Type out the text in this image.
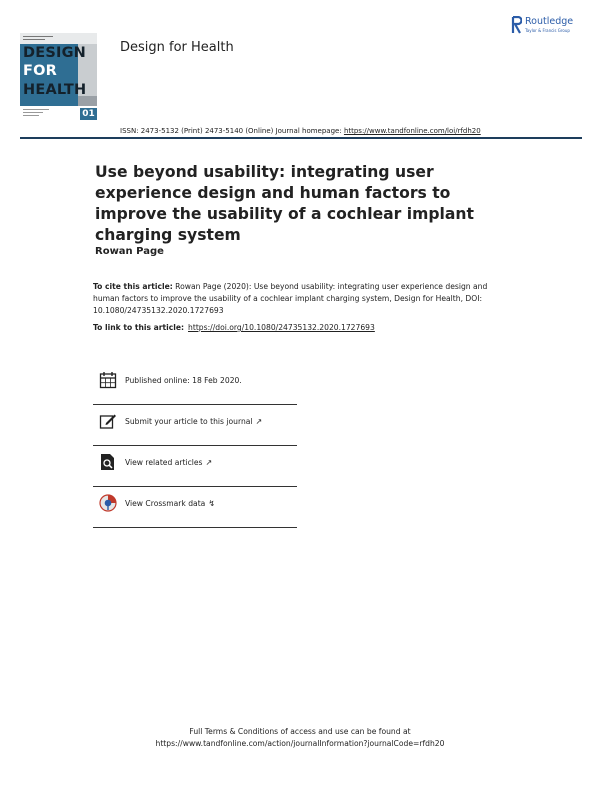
DESIGN
FOR
HEALTH
01
Design for Health
Routledge
Taylor & Francis Group
ISSN: 2473-5132 (Print) 2473-5140 (Online) Journal homepage: https://www.tandfonline.com/loi/rfdh20
Use beyond usability: integrating user experience design and human factors to improve the usability of a cochlear implant charging system
Rowan Page
To cite this article: Rowan Page (2020): Use beyond usability: integrating user experience design and human factors to improve the usability of a cochlear implant charging system, Design for Health, DOI: 10.1080/24735132.2020.1727693
To link to this article: https://doi.org/10.1080/24735132.2020.1727693
Published online: 18 Feb 2020.
Submit your article to this journal ↗
View related articles ↗
View Crossmark data ↯
Full Terms & Conditions of access and use can be found at
https://www.tandfonline.com/action/journalInformation?journalCode=rfdh20
